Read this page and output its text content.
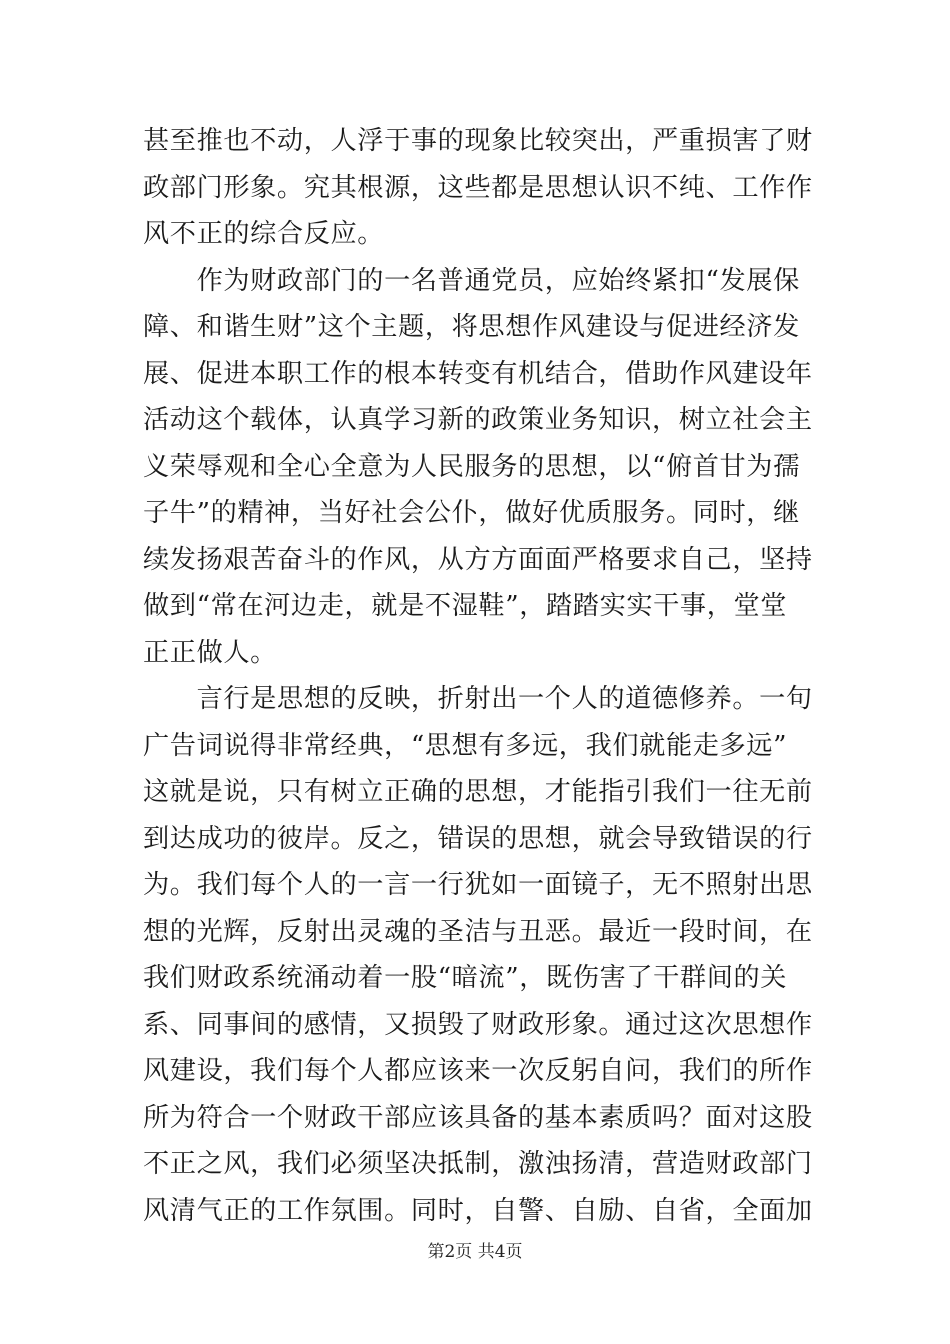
甚至推也不动，人浮于事的现象比较突出，严重损害了财
政部门形象。究其根源，这些都是思想认识不纯、工作作
风不正的综合反应。
　　作为财政部门的一名普通党员，应始终紧扣“发展保
障、和谐生财”这个主题，将思想作风建设与促进经济发
展、促进本职工作的根本转变有机结合，借助作风建设年
活动这个载体，认真学习新的政策业务知识，树立社会主
义荣辱观和全心全意为人民服务的思想，以“俯首甘为孺
子牛”的精神，当好社会公仆，做好优质服务。同时，继
续发扬艰苦奋斗的作风，从方方面面严格要求自己，坚持
做到“常在河边走，就是不湿鞋”，踏踏实实干事，堂堂
正正做人。
　　言行是思想的反映，折射出一个人的道德修养。一句
广告词说得非常经典，“思想有多远，我们就能走多远”
这就是说，只有树立正确的思想，才能指引我们一往无前
到达成功的彼岸。反之，错误的思想，就会导致错误的行
为。我们每个人的一言一行犹如一面镜子，无不照射出思
想的光辉，反射出灵魂的圣洁与丑恶。最近一段时间，在
我们财政系统涌动着一股“暗流”，既伤害了干群间的关
系、同事间的感情，又损毁了财政形象。通过这次思想作
风建设，我们每个人都应该来一次反躬自问，我们的所作
所为符合一个财政干部应该具备的基本素质吗？面对这股
不正之风，我们必须坚决抵制，激浊扬清，营造财政部门
风清气正的工作氛围。同时，自警、自励、自省，全面加
第2页 共4页
